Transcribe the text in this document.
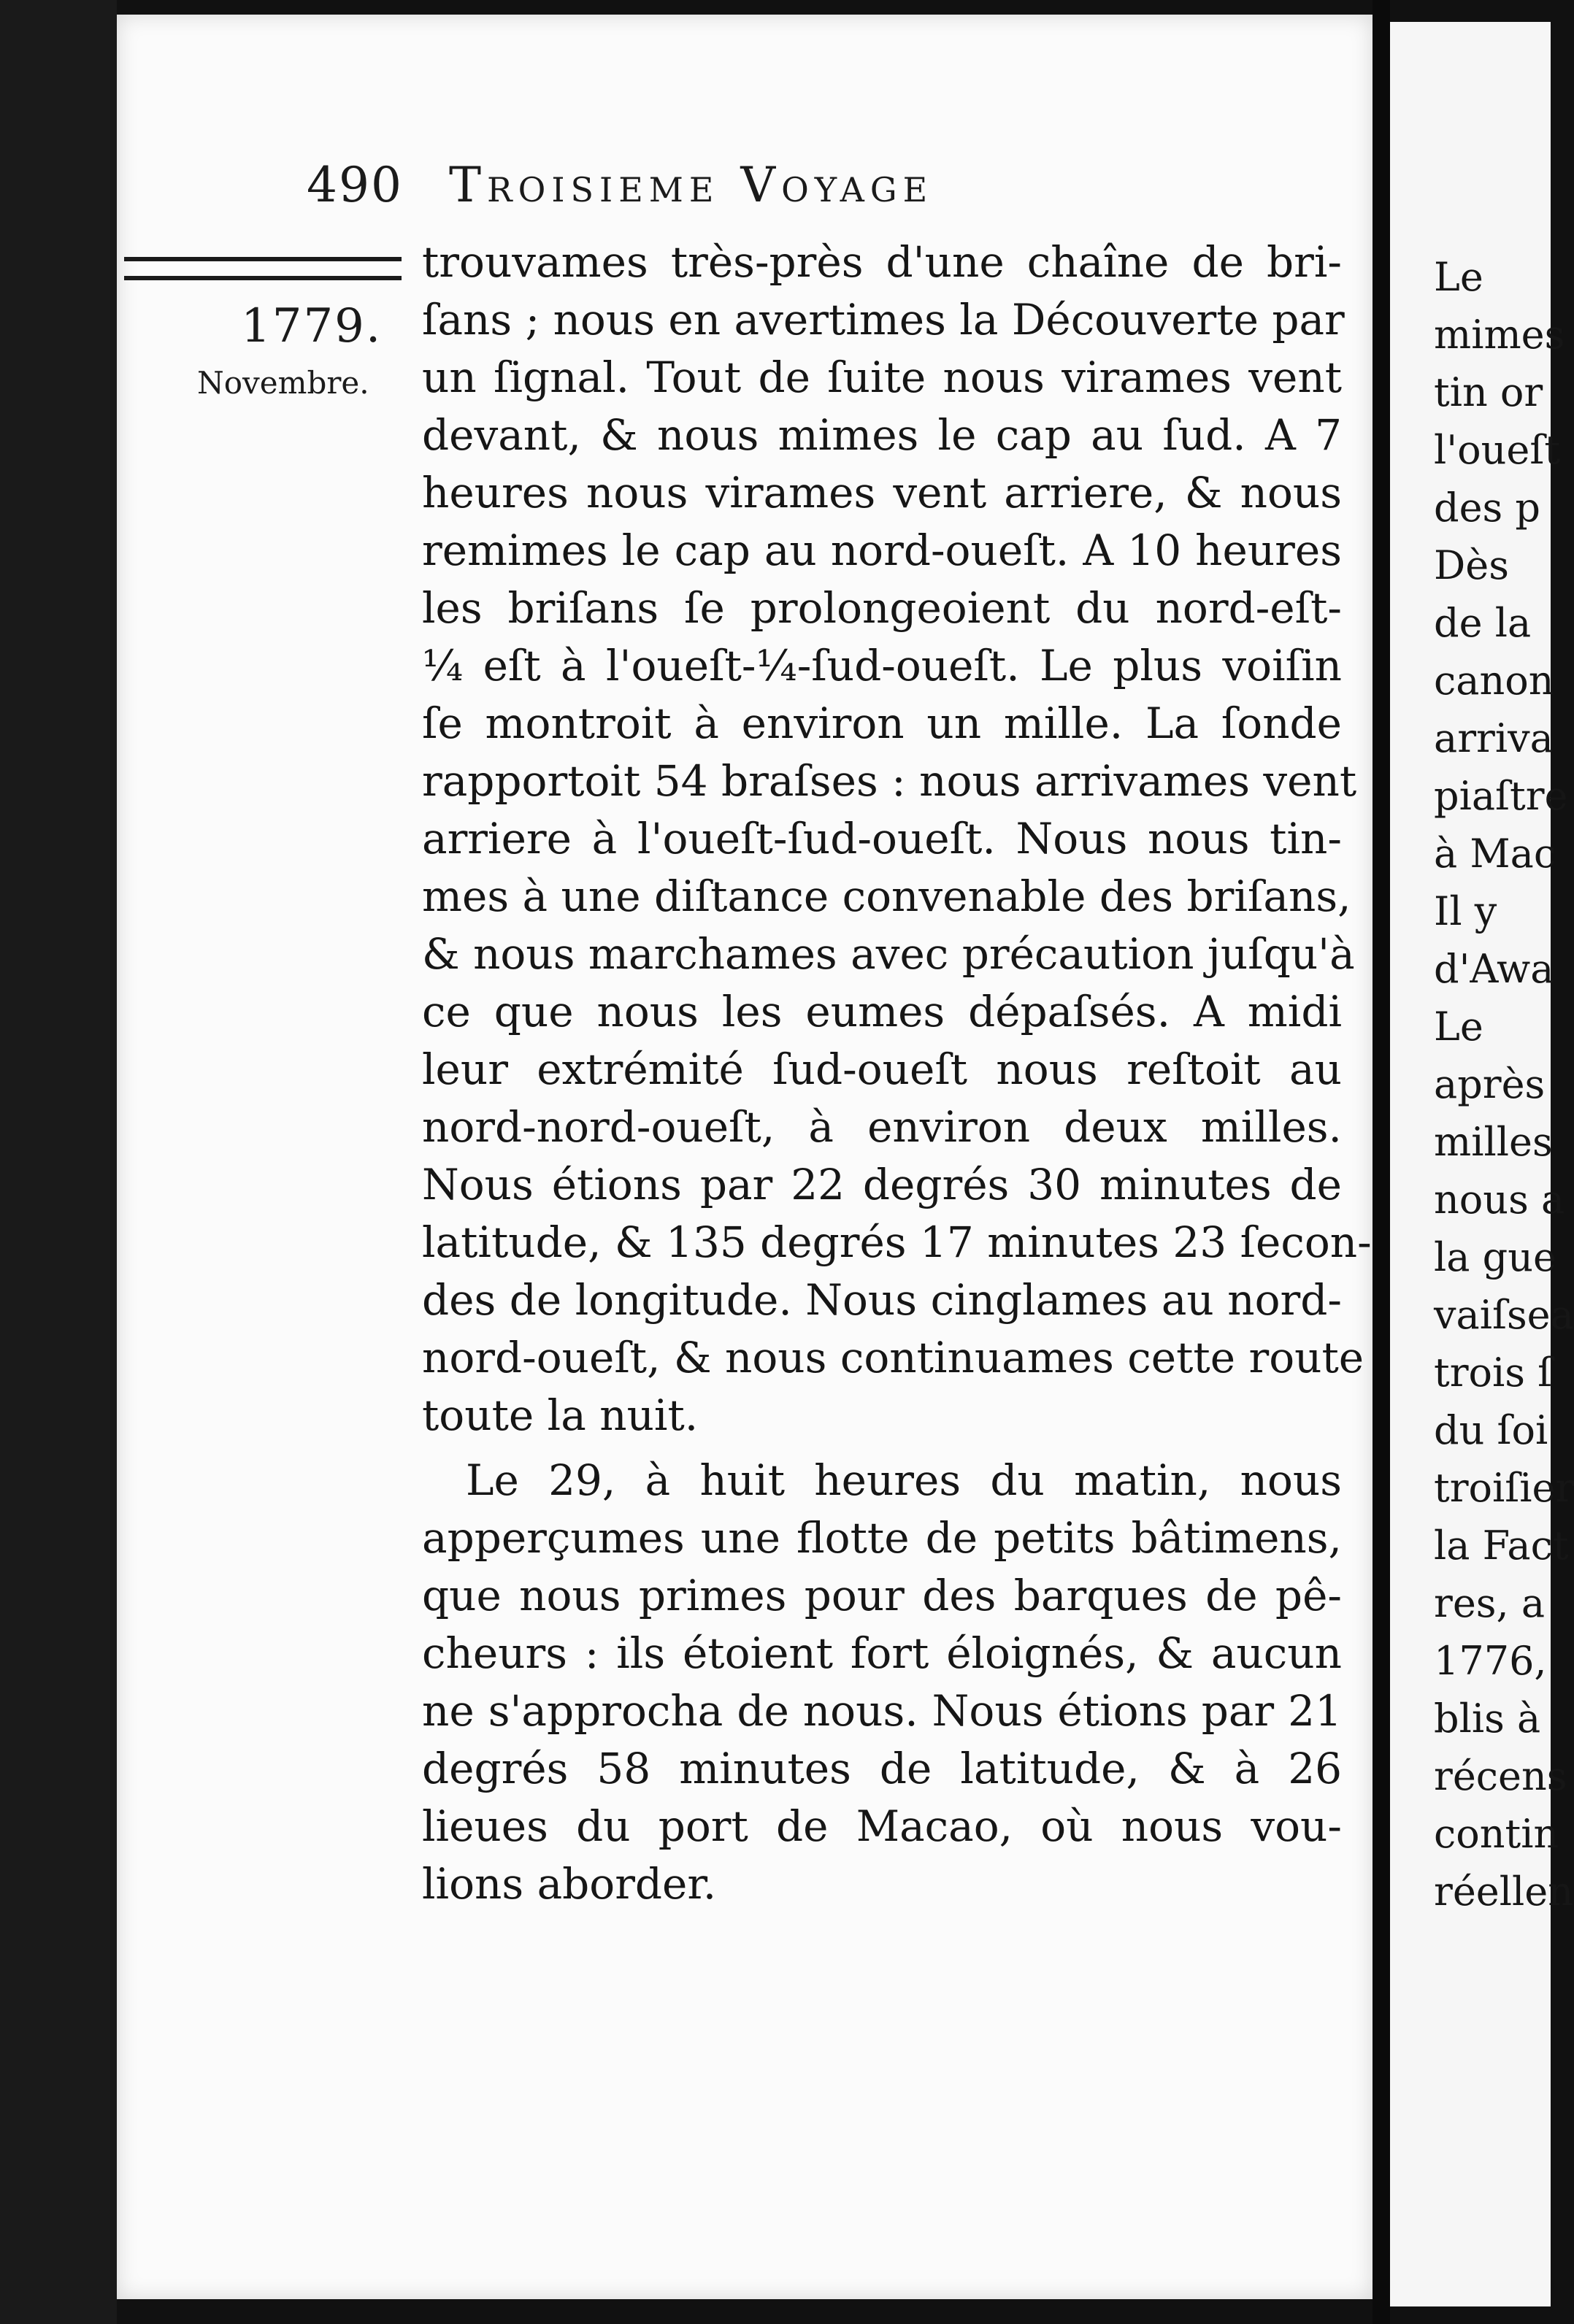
490 Troisieme Voyage
1779.
Novembre.
trouvames très-près d'une chaîne de bri-
ſans ; nous en avertimes la Découverte par
un ſignal. Tout de ſuite nous virames vent
devant, & nous mimes le cap au ſud. A 7
heures nous virames vent arriere, & nous
remimes le cap au nord-oueſt. A 10 heures
les briſans ſe prolongeoient du nord-eſt-
¼ eſt à l'oueſt-¼-ſud-oueſt. Le plus voiſin
ſe montroit à environ un mille. La ſonde
rapportoit 54 braſses : nous arrivames vent
arriere à l'oueſt-ſud-oueſt. Nous nous tin-
mes à une diſtance convenable des briſans,
& nous marchames avec précaution juſqu'à
ce que nous les eumes dépaſsés. A midi
leur extrémité ſud-oueſt nous reſtoit au
nord-nord-oueſt, à environ deux milles.
Nous étions par 22 degrés 30 minutes de
latitude, & 135 degrés 17 minutes 23 ſecon-
des de longitude. Nous cinglames au nord-
nord-oueſt, & nous continuames cette route
toute la nuit.
Le 29, à huit heures du matin, nous
apperçumes une flotte de petits bâtimens,
que nous primes pour des barques de pê-
cheurs : ils étoient fort éloignés, & aucun
ne s'approcha de nous. Nous étions par 21
degrés 58 minutes de latitude, & à 26
lieues du port de Macao, où nous vou-
lions aborder.
Le
mimes
tin or
l'oueſt
des p
Dès
de la
canon
arriva
piaſtre
à Mac
Il y
d'Awa
Le
après
milles
nous a
la gue
vaiſsea
trois ſ
du ſoi
troiſier
la Fact
res, a
1776,
blis à
récens
contin
réellen
